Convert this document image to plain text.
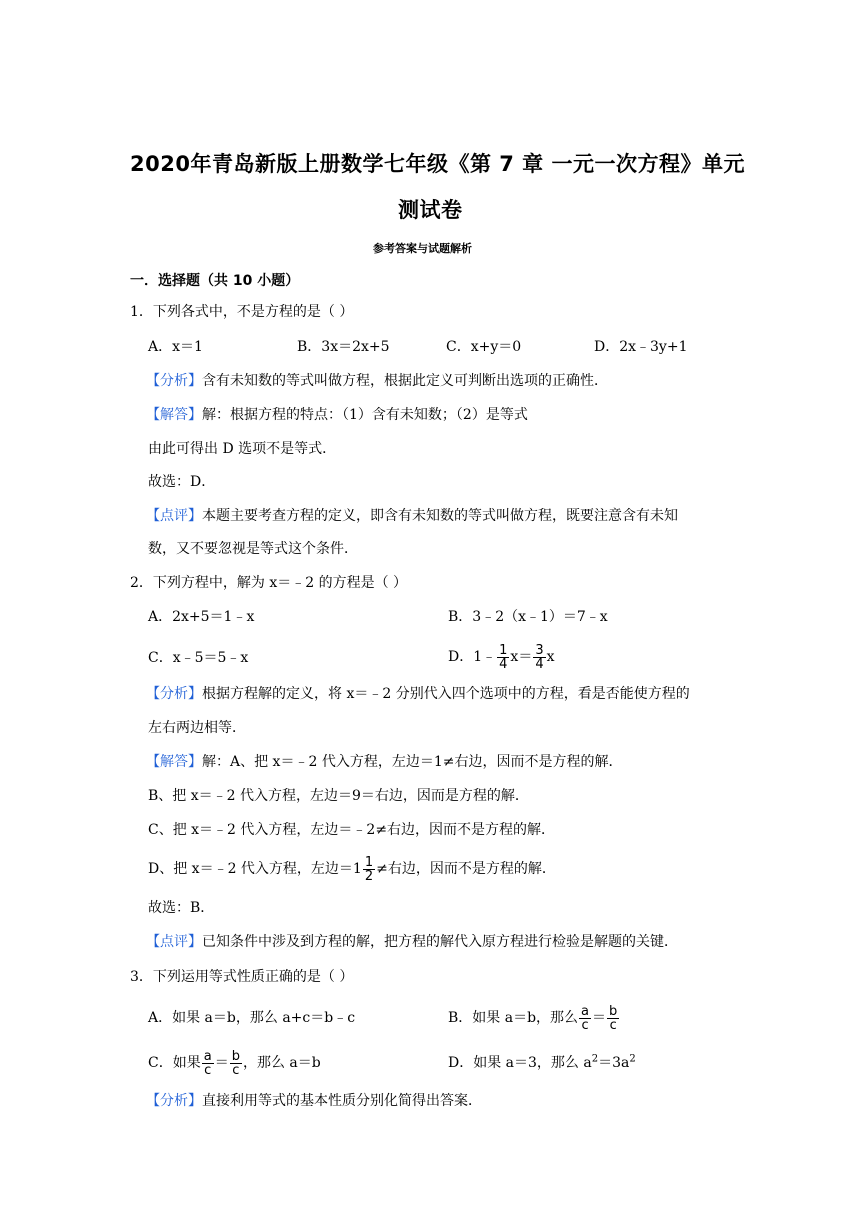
2020年青岛新版上册数学七年级《第 7 章 一元一次方程》单元
测试卷
参考答案与试题解析
一．选择题（共 10 小题）
1．下列各式中，不是方程的是（ ）
A．x＝1	B．3x＝2x+5	C．x+y＝0	D．2x﹣3y+1
【分析】含有未知数的等式叫做方程，根据此定义可判断出选项的正确性．
【解答】解：根据方程的特点：（1）含有未知数；（2）是等式
由此可得出 D 选项不是等式．
故选：D．
【点评】本题主要考查方程的定义，即含有未知数的等式叫做方程，既要注意含有未知
数，又不要忽视是等式这个条件．
2．下列方程中，解为 x＝﹣2 的方程是（ ）
A．2x+5＝1﹣x	B．3﹣2（x﹣1）＝7﹣x
C．x﹣5＝5﹣x	D．1﹣ $\frac{1}{4} x= \frac{3}{4}$ x
【分析】根据方程解的定义，将 x＝﹣2 分别代入四个选项中的方程，看是否能使方程的
左右两边相等．
【解答】解：A、把 x＝﹣2 代入方程，左边＝1≠右边，因而不是方程的解．
B、把 x＝﹣2 代入方程，左边＝9＝右边，因而是方程的解．
C、把 x＝﹣2 代入方程，左边＝﹣2≠右边，因而不是方程的解．
D、把 x＝﹣2 代入方程，左边$=1 \frac{1}{2}$ ≠右边，因而不是方程的解．
故选：B．
【点评】已知条件中涉及到方程的解，把方程的解代入原方程进行检验是解题的关键．
3．下列运用等式性质正确的是（ ）
A．如果 a＝b，那么 a+c＝b﹣c	B．如果 a＝b，那么 $\frac{a}{c} = \frac{b}{c}$
C．如果 $\frac{a}{c} = \frac{b}{c}$ ，那么 a＝b	D．如果 a＝3，那么 $a^2=3a^2$
【分析】直接利用等式的基本性质分别化简得出答案．
